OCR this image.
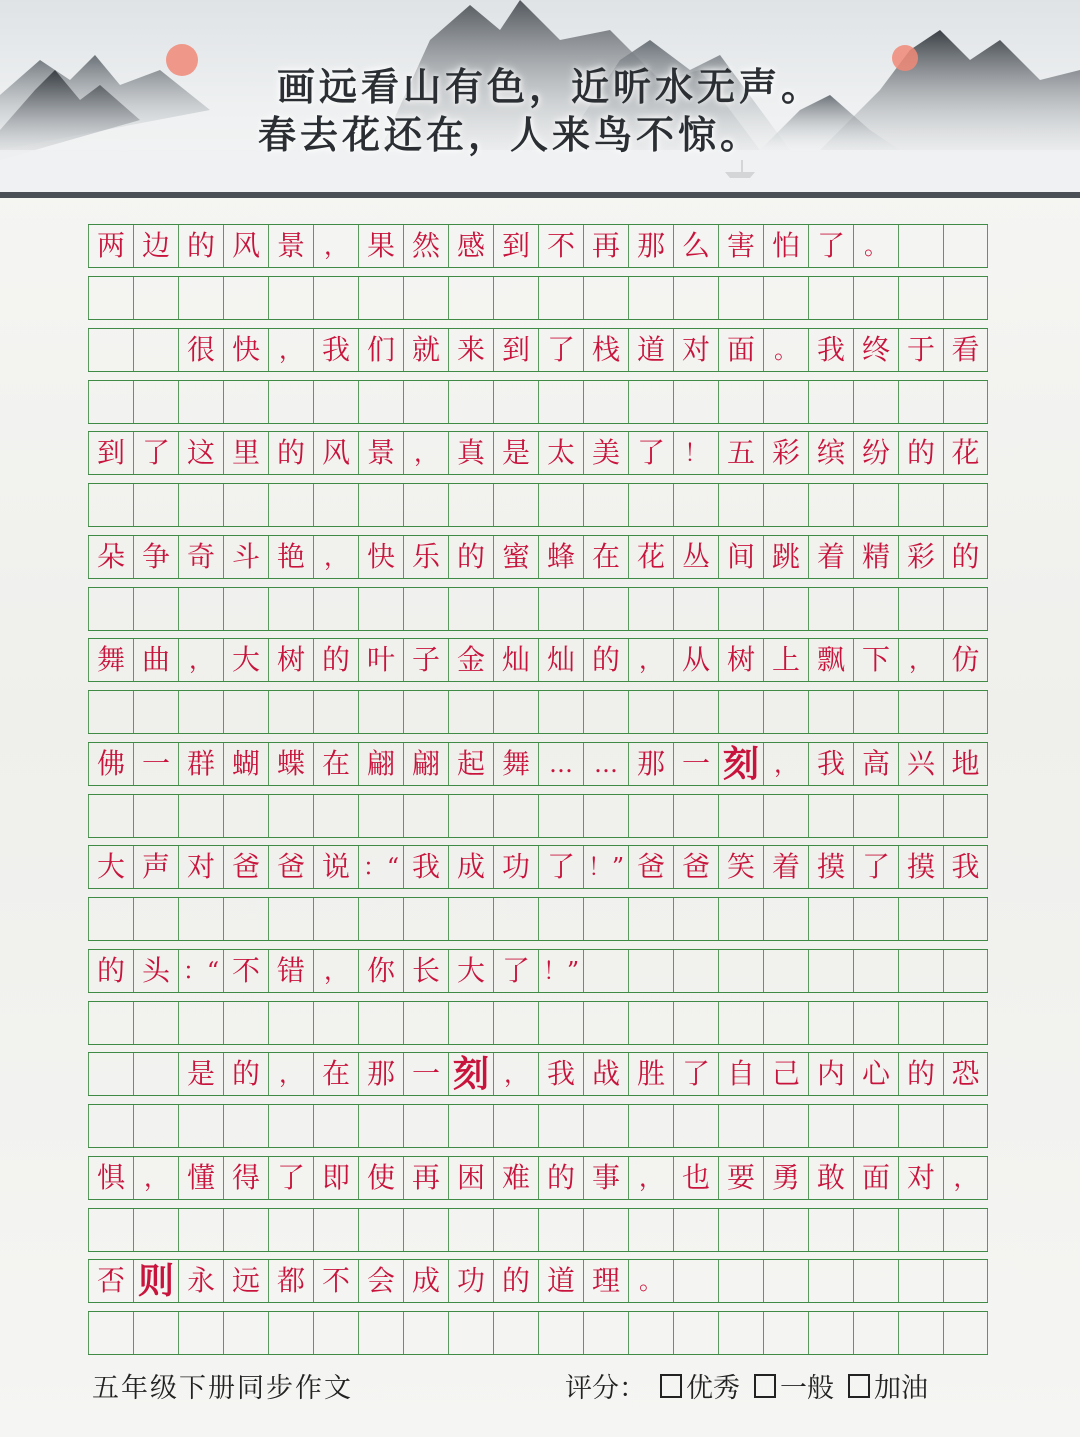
画远看山有色，近听水无声。
春去花还在，人来鸟不惊。
两 边 的 风 景 ， 果 然 感 到 不 再 那 么 害 怕 了 。
很 快 ， 我 们 就 来 到 了 栈 道 对 面 。 我 终 于 看
到 了 这 里 的 风 景 ， 真 是 太 美 了 ！ 五 彩 缤 纷 的 花
朵 争 奇 斗 艳 ， 快 乐 的 蜜 蜂 在 花 丛 间 跳 着 精 彩 的
舞 曲 ， 大 树 的 叶 子 金 灿 灿 的 ， 从 树 上 飘 下 ， 仿
佛 一 群 蝴 蝶 在 翩 翩 起 舞 … … 那 一 刻 ， 我 高 兴 地
大 声 对 爸 爸 说 ：“ 我 成 功 了 ！” 爸 爸 笑 着 摸 了 摸 我
的 头 ：“ 不 错 ， 你 长 大 了 ！”
是 的 ， 在 那 一 刻 ， 我 战 胜 了 自 己 内 心 的 恐
惧 ， 懂 得 了 即 使 再 困 难 的 事 ， 也 要 勇 敢 面 对 ，
否 则 永 远 都 不 会 成 功 的 道 理 。
五年级下册同步作文	评分： 优秀 一般 加油
